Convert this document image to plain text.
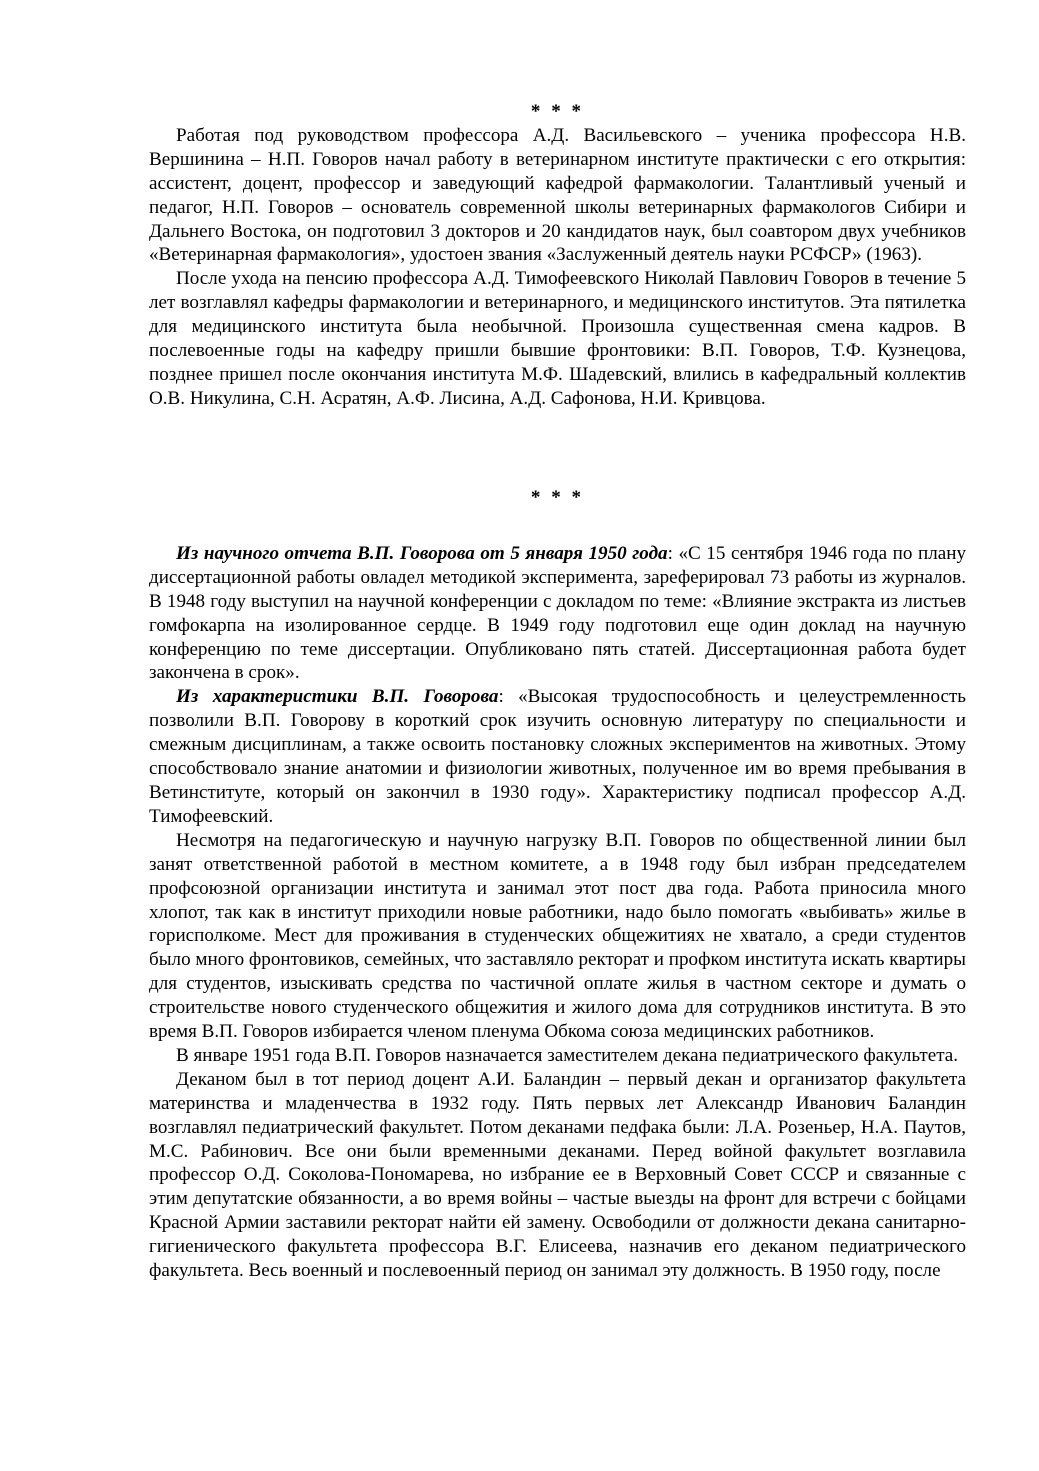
* * *

Работая под руководством профессора А.Д. Васильевского – ученика профессора Н.В. Вершинина – Н.П. Говоров начал работу в ветеринарном институте практически с его открытия: ассистент, доцент, профессор и заведующий кафедрой фармакологии. Талантливый ученый и педагог, Н.П. Говоров – основатель современной школы ветеринарных фармакологов Сибири и Дальнего Востока, он подготовил 3 докторов и 20 кандидатов наук, был соавтором двух учебников «Ветеринарная фармакология», удостоен звания «Заслуженный деятель науки РСФСР» (1963).

После ухода на пенсию профессора А.Д. Тимофеевского Николай Павлович Говоров в течение 5 лет возглавлял кафедры фармакологии и ветеринарного, и медицинского институтов. Эта пятилетка для медицинского института была необычной. Произошла существенная смена кадров. В послевоенные годы на кафедру пришли бывшие фронтовики: В.П. Говоров, Т.Ф. Кузнецова, позднее пришел после окончания института М.Ф. Шадевский, влились в кафедральный коллектив О.В. Никулина, С.Н. Асратян, А.Ф. Лисина, А.Д. Сафонова, Н.И. Кривцова.

* * *

Из научного отчета В.П. Говорова от 5 января 1950 года: «С 15 сентября 1946 года по плану диссертационной работы овладел методикой эксперимента, зареферировал 73 работы из журналов. В 1948 году выступил на научной конференции с докладом по теме: «Влияние экстракта из листьев гомфокарпа на изолированное сердце. В 1949 году подготовил еще один доклад на научную конференцию по теме диссертации. Опубликовано пять статей. Диссертационная работа будет закончена в срок».

Из характеристики В.П. Говорова: «Высокая трудоспособность и целеустремленность позволили В.П. Говорову в короткий срок изучить основную литературу по специальности и смежным дисциплинам, а также освоить постановку сложных экспериментов на животных. Этому способствовало знание анатомии и физиологии животных, полученное им во время пребывания в Ветинституте, который он закончил в 1930 году». Характеристику подписал профессор А.Д. Тимофеевский.

Несмотря на педагогическую и научную нагрузку В.П. Говоров по общественной линии был занят ответственной работой в местном комитете, а в 1948 году был избран председателем профсоюзной организации института и занимал этот пост два года. Работа приносила много хлопот, так как в институт приходили новые работники, надо было помогать «выбивать» жилье в горисполкоме. Мест для проживания в студенческих общежитиях не хватало, а среди студентов было много фронтовиков, семейных, что заставляло ректорат и профком института искать квартиры для студентов, изыскивать средства по частичной оплате жилья в частном секторе и думать о строительстве нового студенческого общежития и жилого дома для сотрудников института. В это время В.П. Говоров избирается членом пленума Обкома союза медицинских работников.

В январе 1951 года В.П. Говоров назначается заместителем декана педиатрического факультета.

Деканом был в тот период доцент А.И. Баландин – первый декан и организатор факультета материнства и младенчества в 1932 году. Пять первых лет Александр Иванович Баландин возглавлял педиатрический факультет. Потом деканами педфака были: Л.А. Розеньер, Н.А. Паутов, М.С. Рабинович. Все они были временными деканами. Перед войной факультет возглавила профессор О.Д. Соколова-Пономарева, но избрание ее в Верховный Совет СССР и связанные с этим депутатские обязанности, а во время войны – частые выезды на фронт для встречи с бойцами Красной Армии заставили ректорат найти ей замену. Освободили от должности декана санитарно-гигиенического факультета профессора В.Г. Елисеева, назначив его деканом педиатрического факультета. Весь военный и послевоенный период он занимал эту должность. В 1950 году, после
